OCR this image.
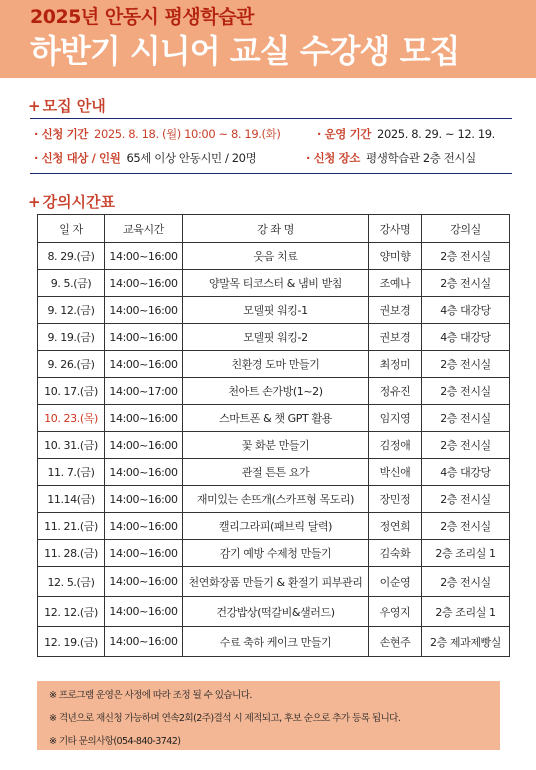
2025년 안동시 평생학습관
하반기 시니어 교실 수강생 모집
+ 모집 안내
· 신청 기간 2025. 8. 18. (월) 10:00 ~ 8. 19.(화)	· 운영 기간 2025. 8. 29. ~ 12. 19.
· 신청 대상 / 인원 65세 이상 안동시민 / 20명	· 신청 장소 평생학습관 2층 전시실
+ 강의시간표
일 자	교육시간	강 좌 명	강사명	강의실
8. 29.(금)	14:00~16:00	웃음 치료	양미향	2층 전시실
9. 5.(금)	14:00~16:00	양말목 티코스터 & 냄비 받침	조예나	2층 전시실
9. 12.(금)	14:00~16:00	모델핏 워킹-1	권보경	4층 대강당
9. 19.(금)	14:00~16:00	모델핏 워킹-2	권보경	4층 대강당
9. 26.(금)	14:00~16:00	친환경 도마 만들기	최정미	2층 전시실
10. 17.(금)	14:00~17:00	천아트 손가방(1~2)	정유진	2층 전시실
10. 23.(목)	14:00~16:00	스마트폰 & 챗 GPT 활용	임지영	2층 전시실
10. 31.(금)	14:00~16:00	꽃 화분 만들기	김정애	2층 전시실
11. 7.(금)	14:00~16:00	관절 튼튼 요가	박신애	4층 대강당
11.14(금)	14:00~16:00	재미있는 손뜨개(스카프형 목도리)	장민정	2층 전시실
11. 21.(금)	14:00~16:00	캘리그라피(패브릭 달력)	정연희	2층 전시실
11. 28.(금)	14:00~16:00	감기 예방 수제청 만들기	김숙화	2층 조리실 1
12. 5.(금)	14:00~16:00	천연화장품 만들기 & 환절기 피부관리	이순영	2층 전시실
12. 12.(금)	14:00~16:00	건강밥상(떡갈비&샐러드)	우영지	2층 조리실 1
12. 19.(금)	14:00~16:00	수료 축하 케이크 만들기	손현주	2층 제과제빵실
※ 프로그램 운영은 사정에 따라 조정 될 수 있습니다.
※ 격년으로 재신청 가능하며 연속2회(2주)결석 시 제적되고, 후보 순으로 추가 등록 됩니다.
※ 기타 문의사항(054-840-3742)
